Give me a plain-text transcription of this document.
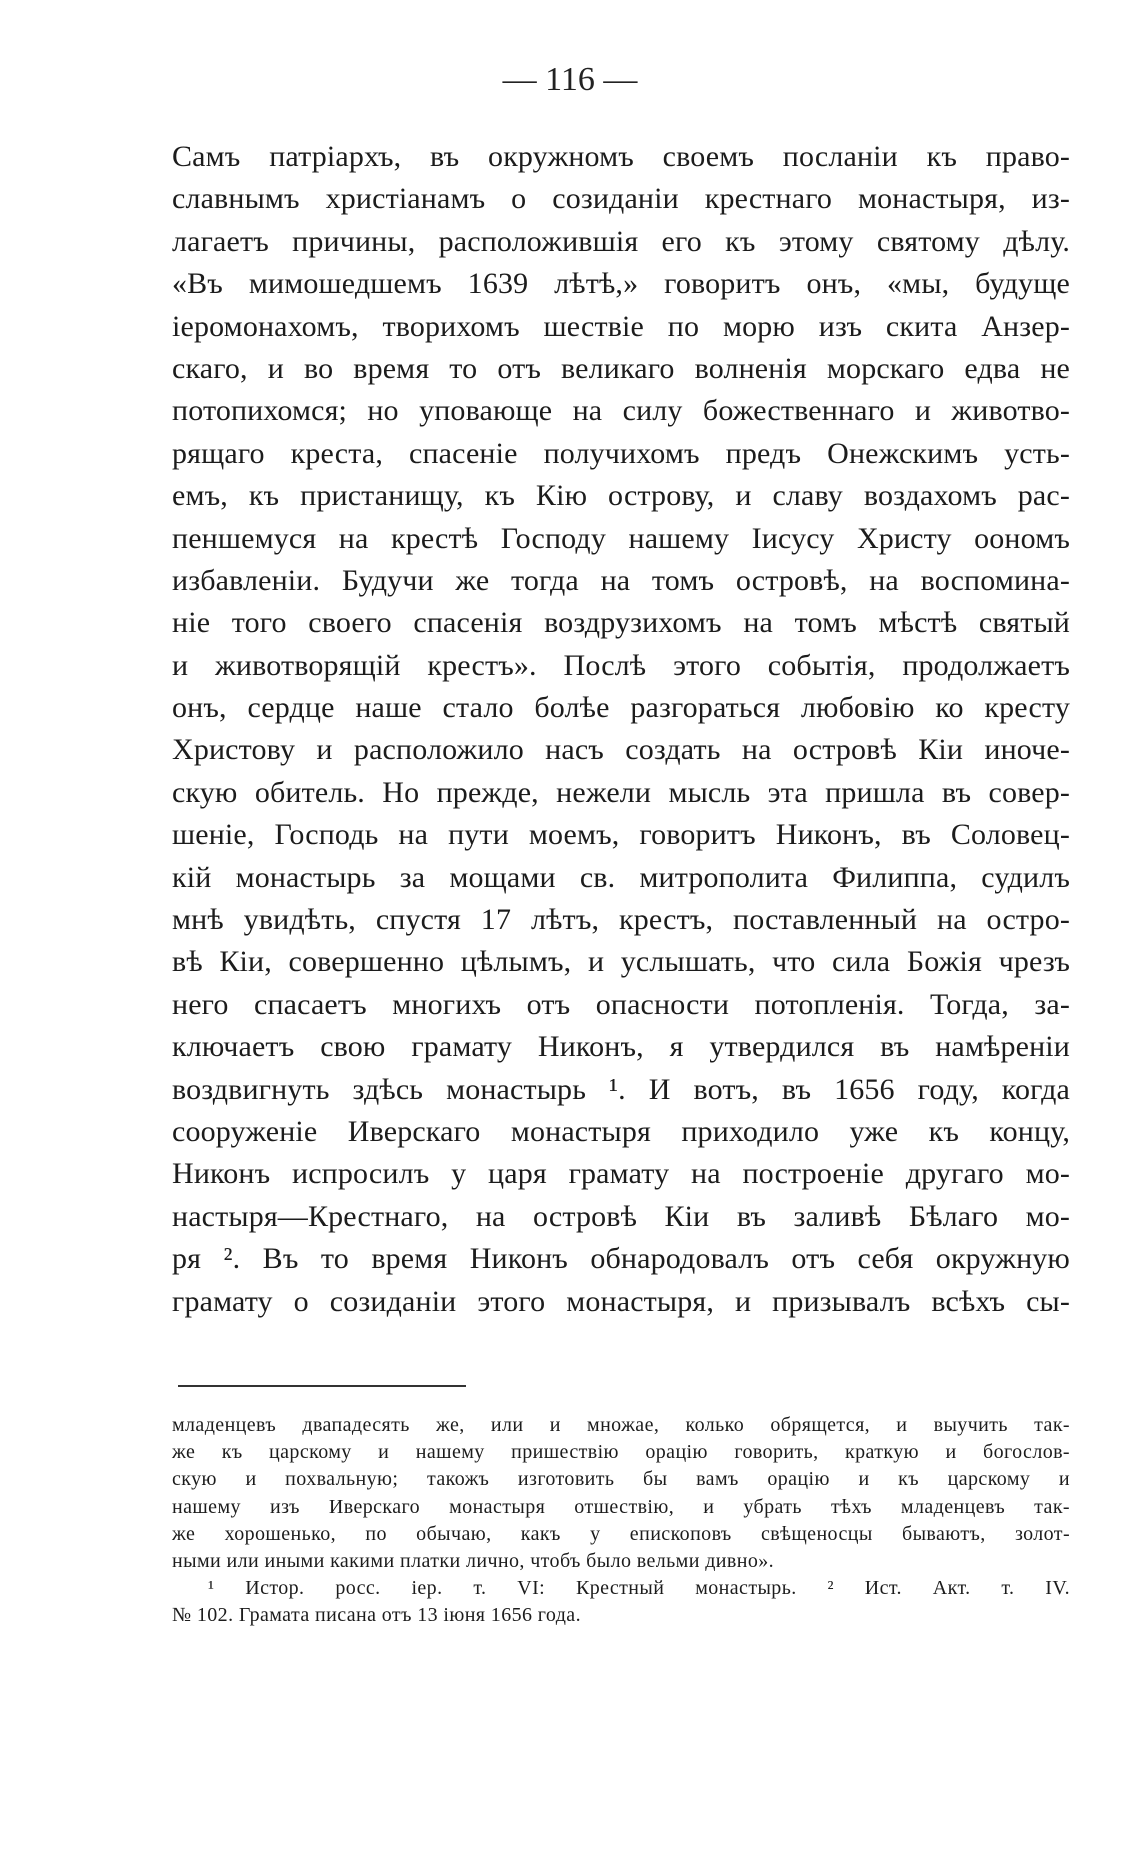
— 116 —
Самъ патріархъ, въ окружномъ своемъ посланіи къ право-
славнымъ христіанамъ о созиданіи крестнаго монастыря, из-
лагаетъ причины, расположившія его къ этому святому дѣлу.
«Въ мимошедшемъ 1639 лѣтѣ,» говоритъ онъ, «мы, будуще
іеромонахомъ, творихомъ шествіе по морю изъ скита Анзер-
скаго, и во время то отъ великаго волненія морскаго едва не
потопихомся; но уповающе на силу божественнаго и животво-
рящаго креста, спасеніе получихомъ предъ Онежскимъ усть-
емъ, къ пристанищу, къ Кію острову, и славу воздахомъ рас-
пеншемуся на крестѣ Господу нашему Іисусу Христу оономъ
избавленіи. Будучи же тогда на томъ островѣ, на воспомина-
ніе того своего спасенія воздрузихомъ на томъ мѣстѣ святый
и животворящій крестъ». Послѣ этого событія, продолжаетъ
онъ, сердце наше стало болѣе разгораться любовію ко кресту
Христову и расположило насъ создать на островѣ Кіи иноче-
скую обитель. Но прежде, нежели мысль эта пришла въ совер-
шеніе, Господь на пути моемъ, говоритъ Никонъ, въ Соловец-
кій монастырь за мощами св. митрополита Филиппа, судилъ
мнѣ увидѣть, спустя 17 лѣтъ, крестъ, поставленный на остро-
вѣ Кіи, совершенно цѣлымъ, и услышать, что сила Божія чрезъ
него спасаетъ многихъ отъ опасности потопленія. Тогда, за-
ключаетъ свою грамату Никонъ, я утвердился въ намѣреніи
воздвигнуть здѣсь монастырь ¹. И вотъ, въ 1656 году, когда
сооруженіе Иверскаго монастыря приходило уже къ концу,
Никонъ испросилъ у царя грамату на построеніе другаго мо-
настыря—Крестнаго, на островѣ Кіи въ заливѣ Бѣлаго мо-
ря ². Въ то время Никонъ обнародовалъ отъ себя окружную
грамату о созиданіи этого монастыря, и призывалъ всѣхъ сы-
младенцевъ двападесять же, или и множае, колько обрящется, и выучить так-
же къ царскому и нашему пришествію орацію говорить, краткую и богослов-
скую и похвальную; такожъ изготовить бы вамъ орацію и къ царскому и
нашему изъ Иверскаго монастыря отшествію, и убрать тѣхъ младенцевъ так-
же хорошенько, по обычаю, какъ у епископовъ свѣщеносцы бываютъ, золот-
ными или иными какими платки лично, чтобъ было вельми дивно».
¹ Истор. росс. іер. т. VI: Крестный монастырь. ² Ист. Акт. т. IV.
№ 102. Грамата писана отъ 13 іюня 1656 года.
